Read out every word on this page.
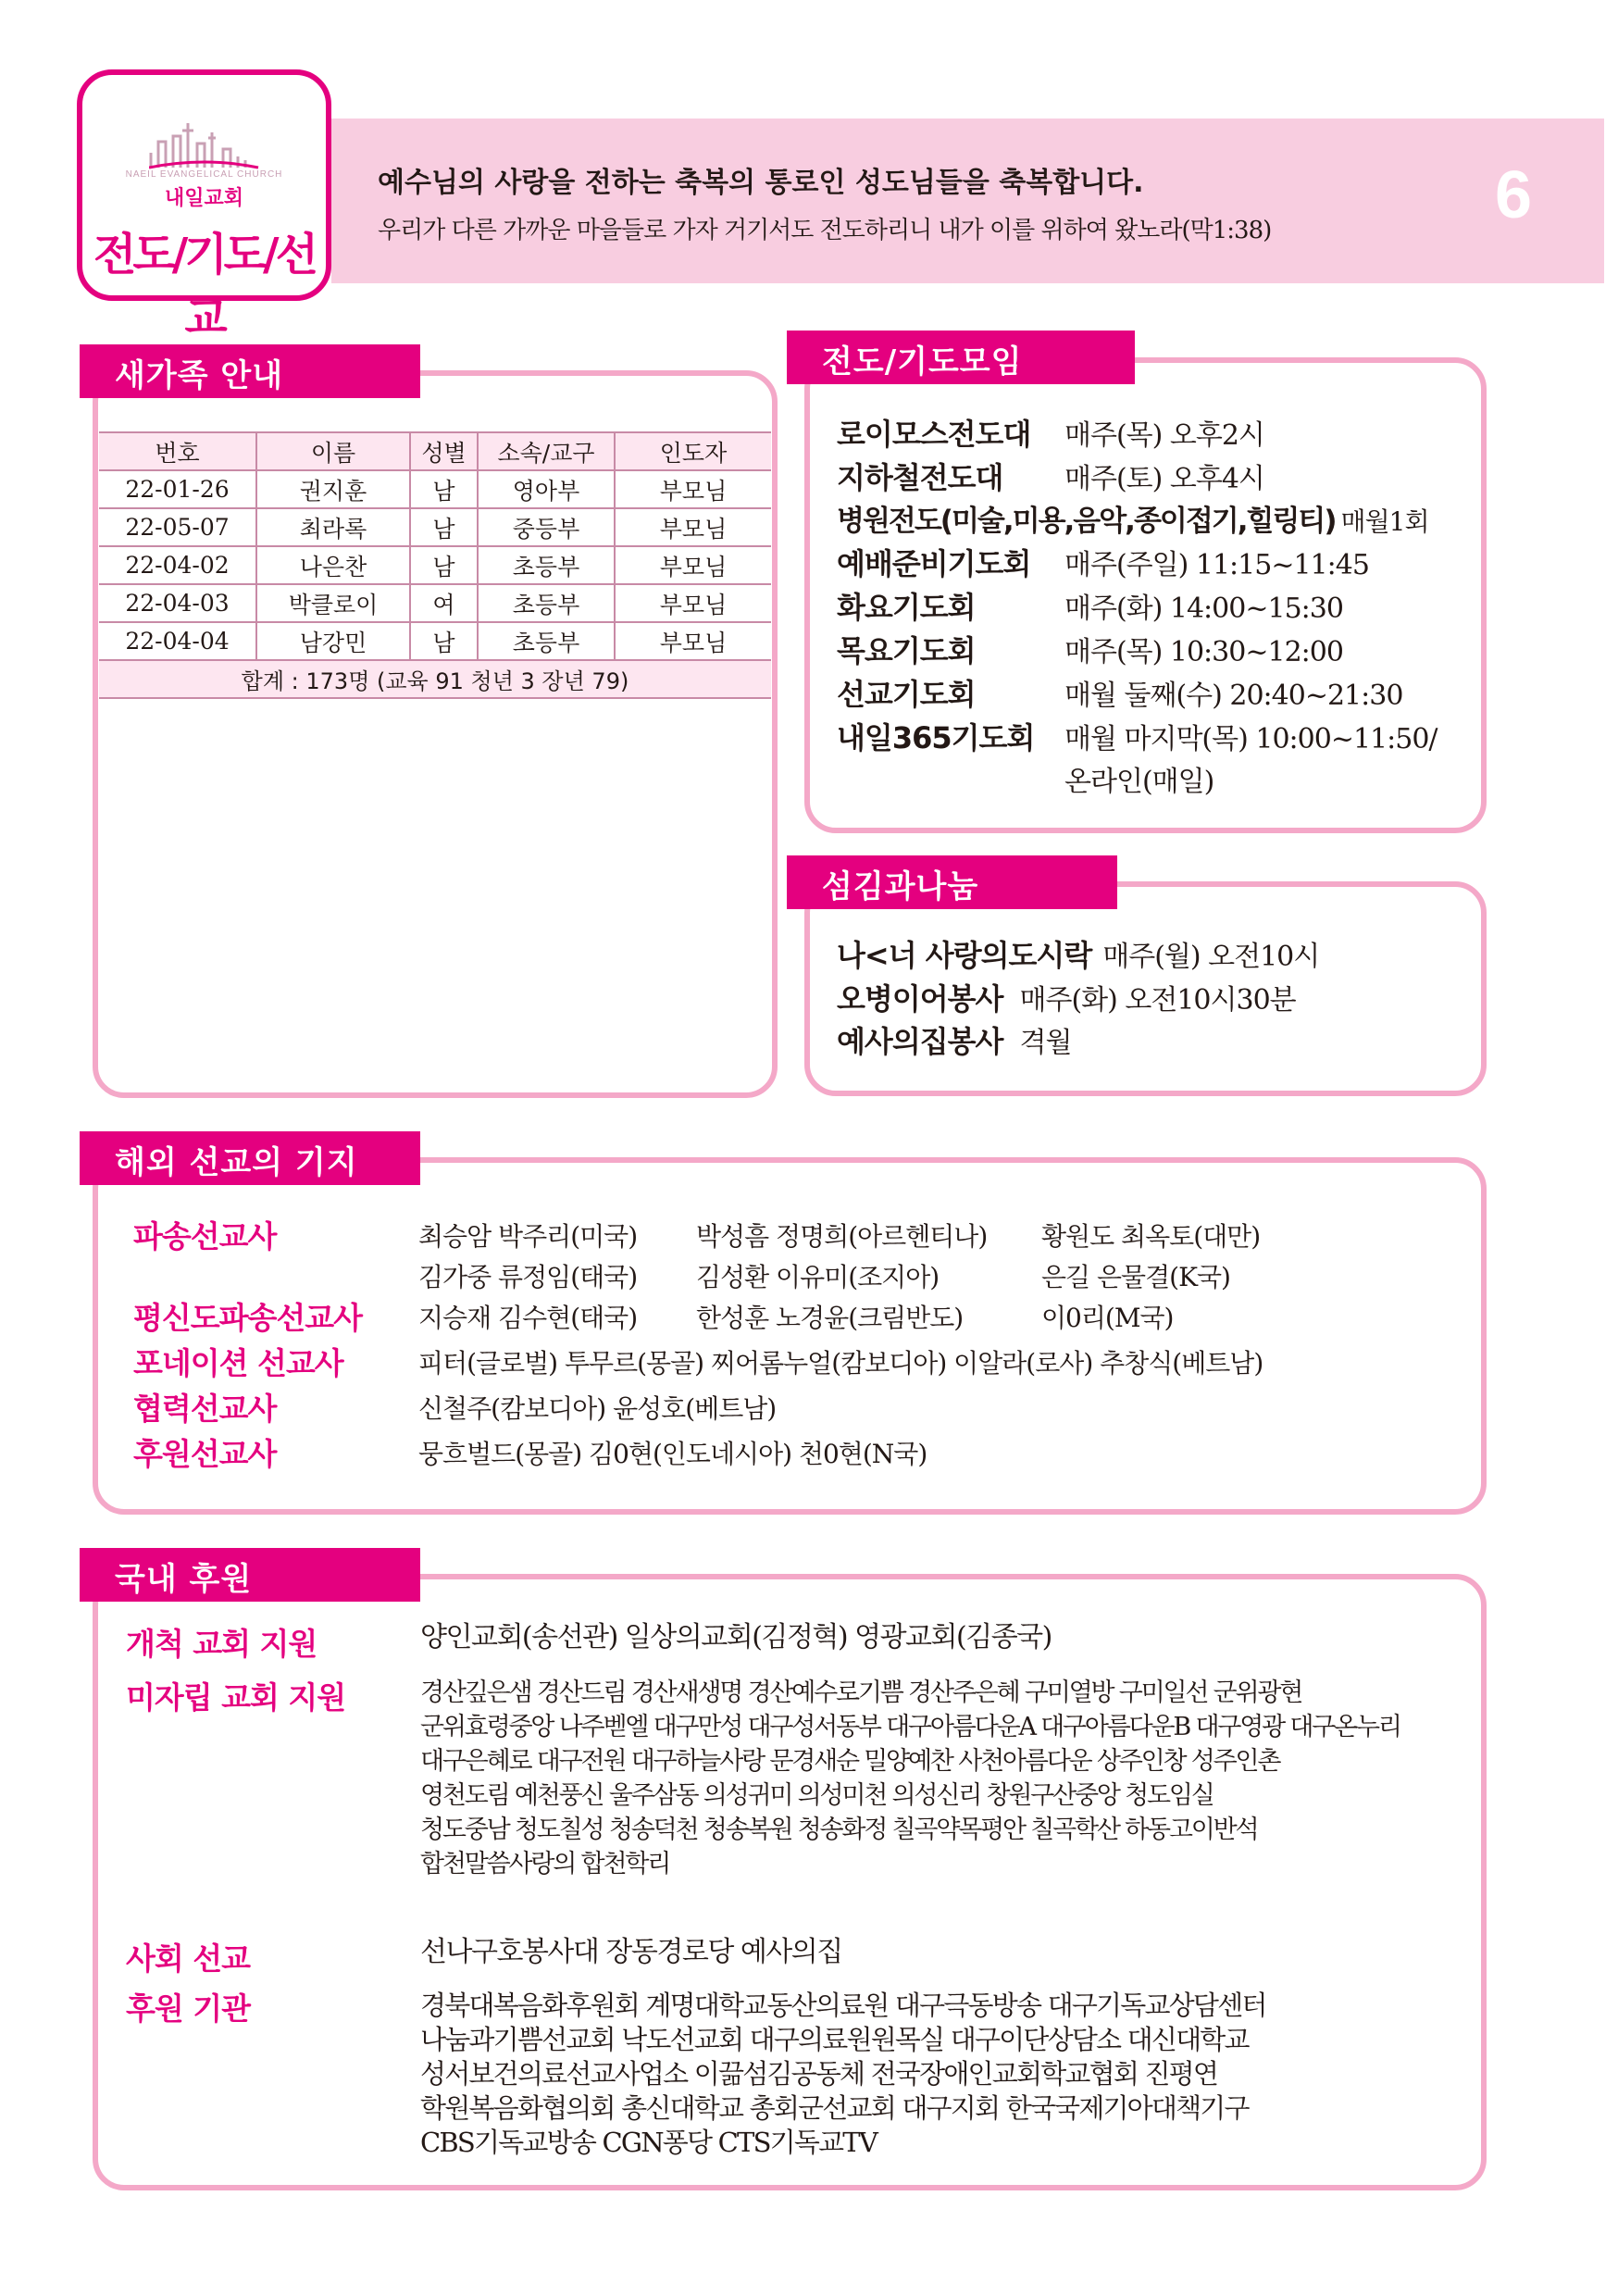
NAEIL EVANGELICAL CHURCH
내일교회
전도/기도/선교
예수님의 사랑을 전하는 축복의 통로인 성도님들을 축복합니다.
우리가 다른 가까운 마을들로 가자 거기서도 전도하리니 내가 이를 위하여 왔노라(막1:38)	6
새가족 안내
번호	이름	성별	소속/교구	인도자
22-01-26	권지훈	남	영아부	부모님
22-05-07	최라록	남	중등부	부모님
22-04-02	나은찬	남	초등부	부모님
22-04-03	박클로이	여	초등부	부모님
22-04-04	남강민	남	초등부	부모님
합계 : 173명 (교육 91 청년 3 장년 79)				
전도/기도모임
로이모스전도대	매주(목) 오후2시
지하철전도대	매주(토) 오후4시
병원전도(미술,미용,음악,종이접기,힐링티) 매월1회
예배준비기도회	매주(주일) 11:15~11:45
화요기도회	매주(화) 14:00~15:30
목요기도회	매주(목) 10:30~12:00
선교기도회	매월 둘째(수) 20:40~21:30
내일365기도회	매월 마지막(목) 10:00~11:50/
온라인(매일)
섬김과나눔
나<너 사랑의도시락 매주(월) 오전10시
오병이어봉사 매주(화) 오전10시30분
예사의집봉사 격월
해외 선교의 기지
파송선교사	최승암 박주리(미국) 박성흠 정명희(아르헨티나) 황원도 최옥토(대만)
김가중 류정임(태국) 김성환 이유미(조지아)	은길 은물결(K국)
평신도파송선교사 지승재 김수현(태국) 한성훈 노경윤(크림반도)	이0리(M국)
포네이션 선교사	피터(글로벌) 투무르(몽골) 찌어롬누얼(캄보디아) 이알라(로사) 추창식(베트남)
협력선교사	신철주(캄보디아) 윤성호(베트남)
후원선교사	뭉흐벌드(몽골) 김0현(인도네시아) 천0현(N국)
국내 후원
개척 교회 지원	양인교회(송선관) 일상의교회(김정혁) 영광교회(김종국)
미자립 교회 지원	경산깊은샘 경산드림 경산새생명 경산예수로기쁨 경산주은혜 구미열방 구미일선 군위광현
군위효령중앙 나주벧엘 대구만성 대구성서동부 대구아름다운A 대구아름다운B 대구영광 대구온누리
대구은혜로 대구전원 대구하늘사랑 문경새순 밀양예찬 사천아름다운 상주인창 성주인촌
영천도림 예천풍신 울주삼동 의성귀미 의성미천 의성신리 창원구산중앙 청도임실
청도중남 청도칠성 청송덕천 청송복원 청송화정 칠곡약목평안 칠곡학산 하동고이반석
합천말씀사랑의 합천학리
사회 선교	선나구호봉사대 장동경로당 예사의집
후원 기관	경북대복음화후원회 계명대학교동산의료원 대구극동방송 대구기독교상담센터
나눔과기쁨선교회 낙도선교회 대구의료원원목실 대구이단상담소 대신대학교
성서보건의료선교사업소 이끎섬김공동체 전국장애인교회학교협회 진평연
학원복음화협의회 총신대학교 총회군선교회 대구지회 한국국제기아대책기구
CBS기독교방송 CGN퐁당 CTS기독교TV
